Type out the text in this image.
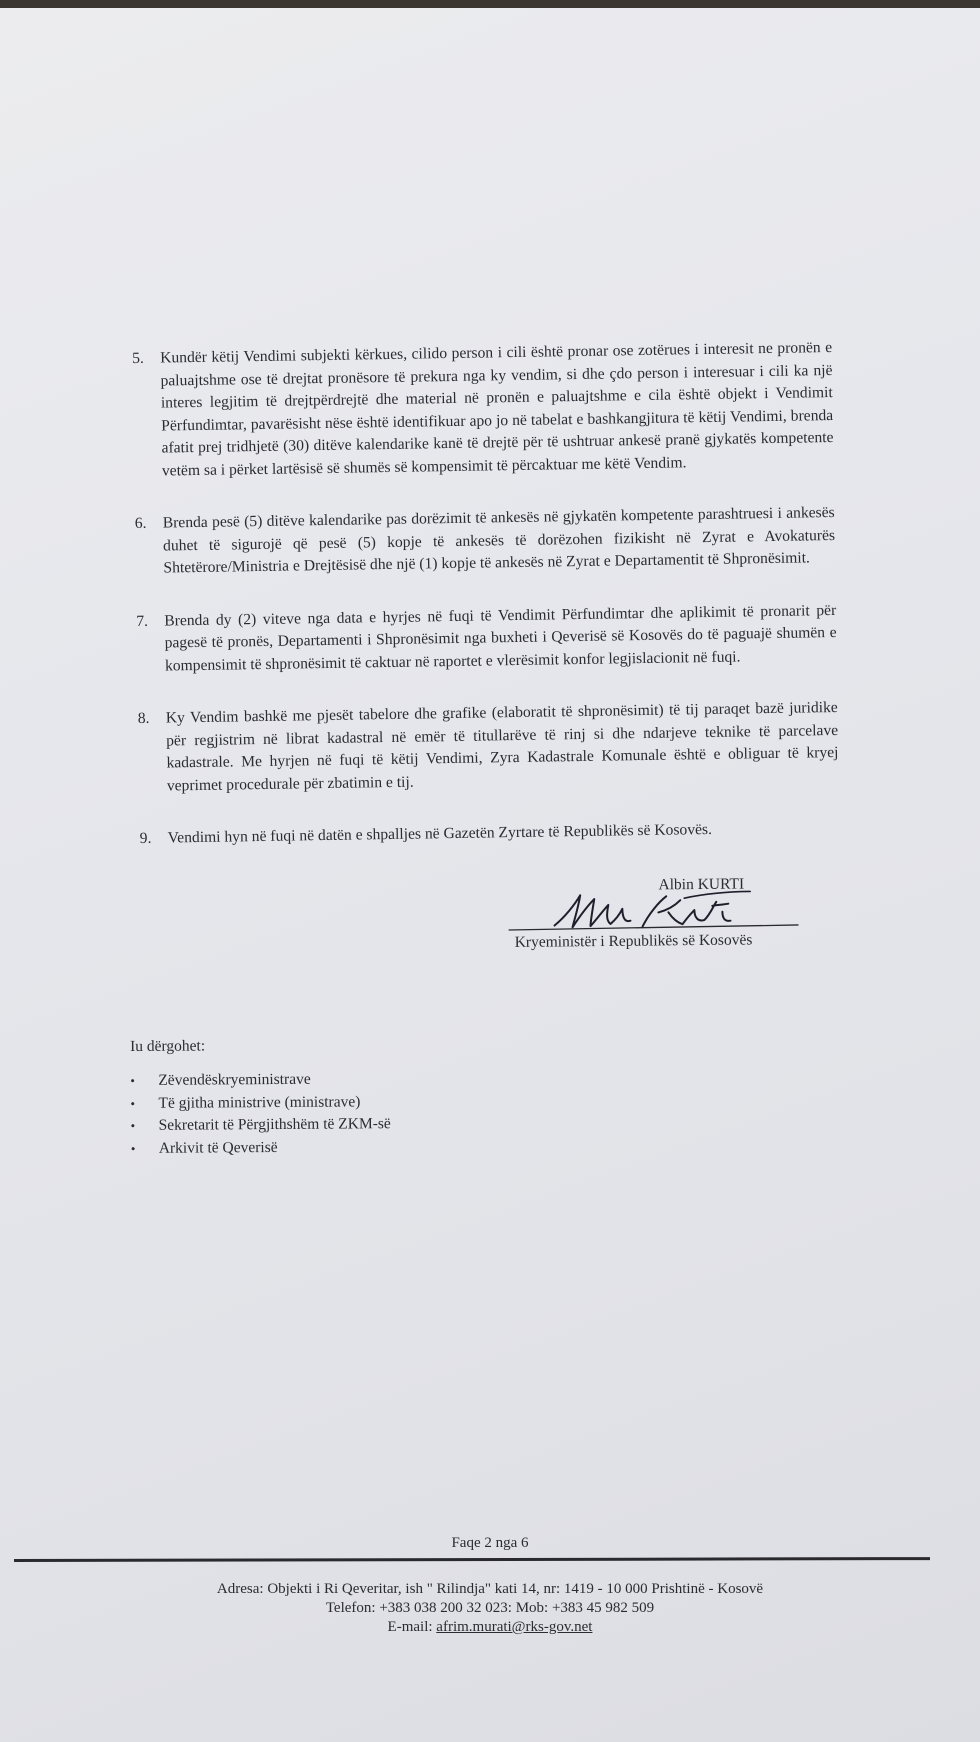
5. Kundër këtij Vendimi subjekti kërkues, cilido person i cili është pronar ose zotërues i interesit ne pronën e paluajtshme ose të drejtat pronësore të prekura nga ky vendim, si dhe çdo person i interesuar i cili ka një interes legjitim të drejtpërdrejtë dhe material në pronën e paluajtshme e cila është objekt i Vendimit Përfundimtar, pavarësisht nëse është identifikuar apo jo në tabelat e bashkangjitura të këtij Vendimi, brenda afatit prej tridhjetë (30) ditëve kalendarike kanë të drejtë për të ushtruar ankesë pranë gjykatës kompetente vetëm sa i përket lartësisë së shumës së kompensimit të përcaktuar me këtë Vendim.
6. Brenda pesë (5) ditëve kalendarike pas dorëzimit të ankesës në gjykatën kompetente parashtruesi i ankesës duhet të sigurojë që pesë (5) kopje të ankesës të dorëzohen fizikisht në Zyrat e Avokaturës Shtetërore/Ministria e Drejtësisë dhe një (1) kopje të ankesës në Zyrat e Departamentit të Shpronësimit.
7. Brenda dy (2) viteve nga data e hyrjes në fuqi të Vendimit Përfundimtar dhe aplikimit të pronarit për pagesë të pronës, Departamenti i Shpronësimit nga buxheti i Qeverisë së Kosovës do të paguajë shumën e kompensimit të shpronësimit të caktuar në raportet e vlerësimit konfor legjislacionit në fuqi.
8. Ky Vendim bashkë me pjesët tabelore dhe grafike (elaboratit të shpronësimit) të tij paraqet bazë juridike për regjistrim në librat kadastral në emër të titullarëve të rinj si dhe ndarjeve teknike të parcelave kadastrale. Me hyrjen në fuqi të këtij Vendimi, Zyra Kadastrale Komunale është e obliguar të kryej veprimet procedurale për zbatimin e tij.
9. Vendimi hyn në fuqi në datën e shpalljes në Gazetën Zyrtare të Republikës së Kosovës.
Albin KURTI
Kryeministër i Republikës së Kosovës
Iu dërgohet:
• Zëvendëskryeministrave
• Të gjitha ministrive (ministrave)
• Sekretarit të Përgjithshëm të ZKM-së
• Arkivit të Qeverisë
Faqe 2 nga 6
Adresa: Objekti i Ri Qeveritar, ish " Rilindja" kati 14, nr: 1419 - 10 000 Prishtinë - Kosovë
Telefon: +383 038 200 32 023: Mob: +383 45 982 509
E-mail: afrim.murati@rks-gov.net
